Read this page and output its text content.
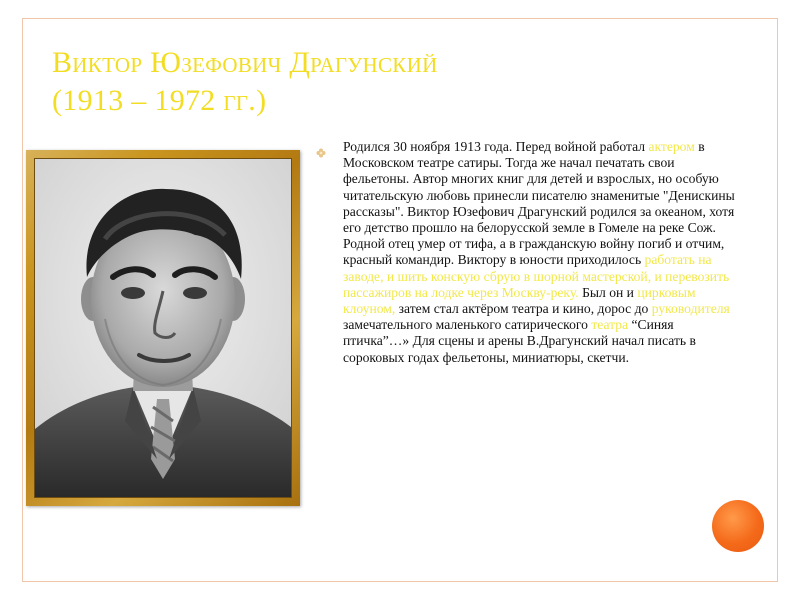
Виктор Юзефович Драгунский
(1913 – 1972 гг.)
Родился 30 ноября 1913 года. Перед войной работал актером в Московском театре сатиры. Тогда же начал печатать свои фельетоны. Автор многих книг для детей и взрослых, но особую читательскую любовь принесли писателю знаменитые "Денискины рассказы". Виктор Юзефович Драгунский родился за океаном, хотя его детство прошло на белорусской земле в Гомеле на реке Сож. Родной отец умер от тифа, а в гражданскую войну погиб и отчим, красный командир. Виктору в юности приходилось работать на заводе, и шить конскую сбрую в шорной мастерской, и перевозить пассажиров на лодке через Москву-реку. Был он и цирковым клоуном, затем стал актёром театра и кино, дорос до руководителя замечательного маленького сатирического театра “Синяя птичка”…» Для сцены и арены В.Драгунский начал писать в сороковых годах фельетоны, миниатюры, скетчи.
